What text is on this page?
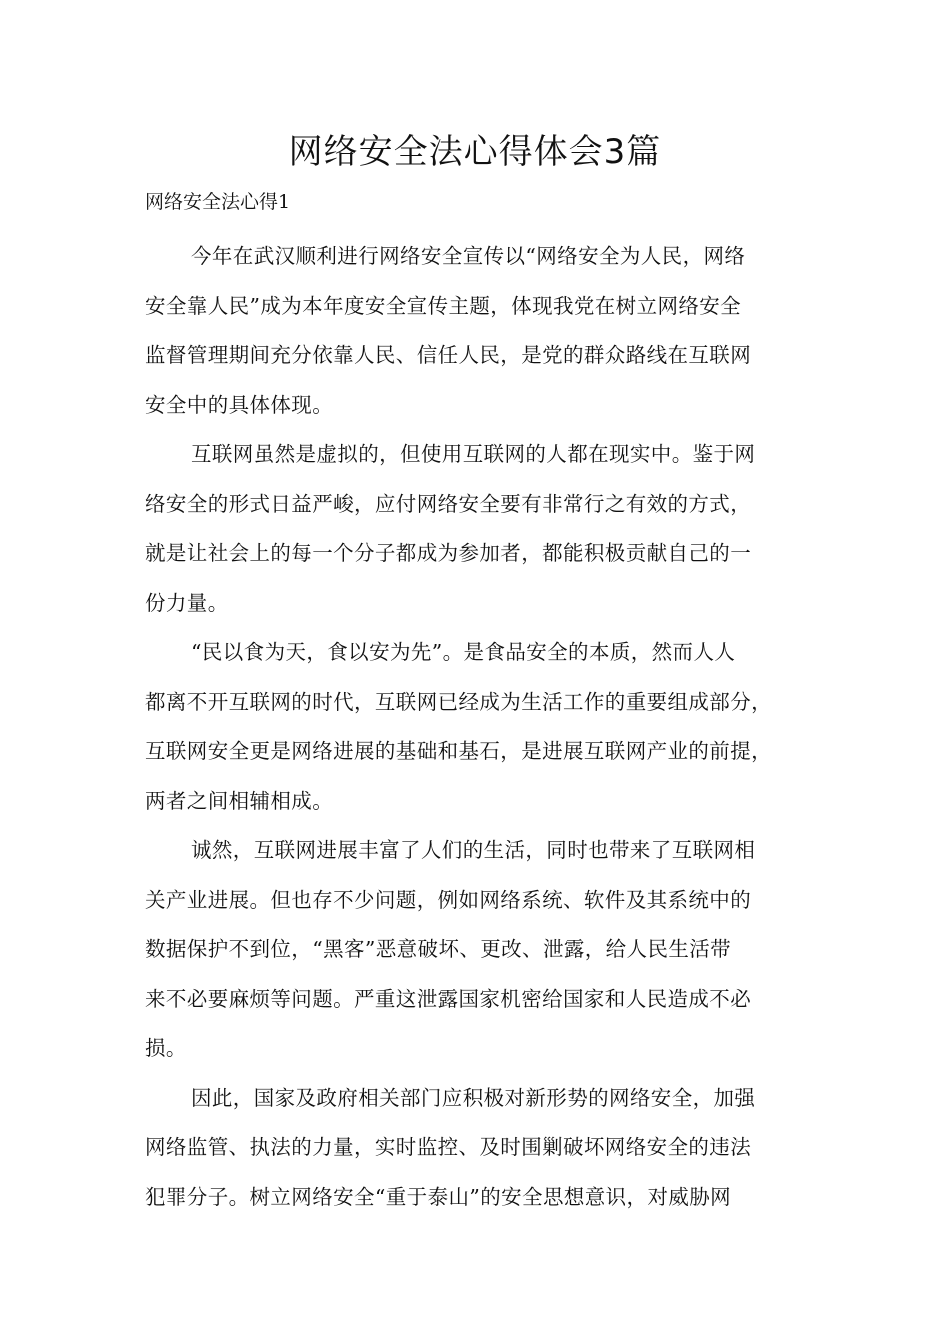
网络安全法心得体会3篇
网络安全法心得1
今年在武汉顺利进行网络安全宣传以“网络安全为人民，网络
安全靠人民”成为本年度安全宣传主题，体现我党在树立网络安全
监督管理期间充分依靠人民、信任人民，是党的群众路线在互联网
安全中的具体体现。
互联网虽然是虚拟的，但使用互联网的人都在现实中。鉴于网
络安全的形式日益严峻，应付网络安全要有非常行之有效的方式，
就是让社会上的每一个分子都成为参加者，都能积极贡献自己的一
份力量。
“民以食为天，食以安为先”。是食品安全的本质，然而人人
都离不开互联网的时代，互联网已经成为生活工作的重要组成部分，
互联网安全更是网络进展的基础和基石，是进展互联网产业的前提，
两者之间相辅相成。
诚然，互联网进展丰富了人们的生活，同时也带来了互联网相
关产业进展。但也存不少问题，例如网络系统、软件及其系统中的
数据保护不到位，“黑客”恶意破坏、更改、泄露，给人民生活带
来不必要麻烦等问题。严重这泄露国家机密给国家和人民造成不必
损。
因此，国家及政府相关部门应积极对新形势的网络安全，加强
网络监管、执法的力量，实时监控、及时围剿破坏网络安全的违法
犯罪分子。树立网络安全“重于泰山”的安全思想意识，对威胁网
